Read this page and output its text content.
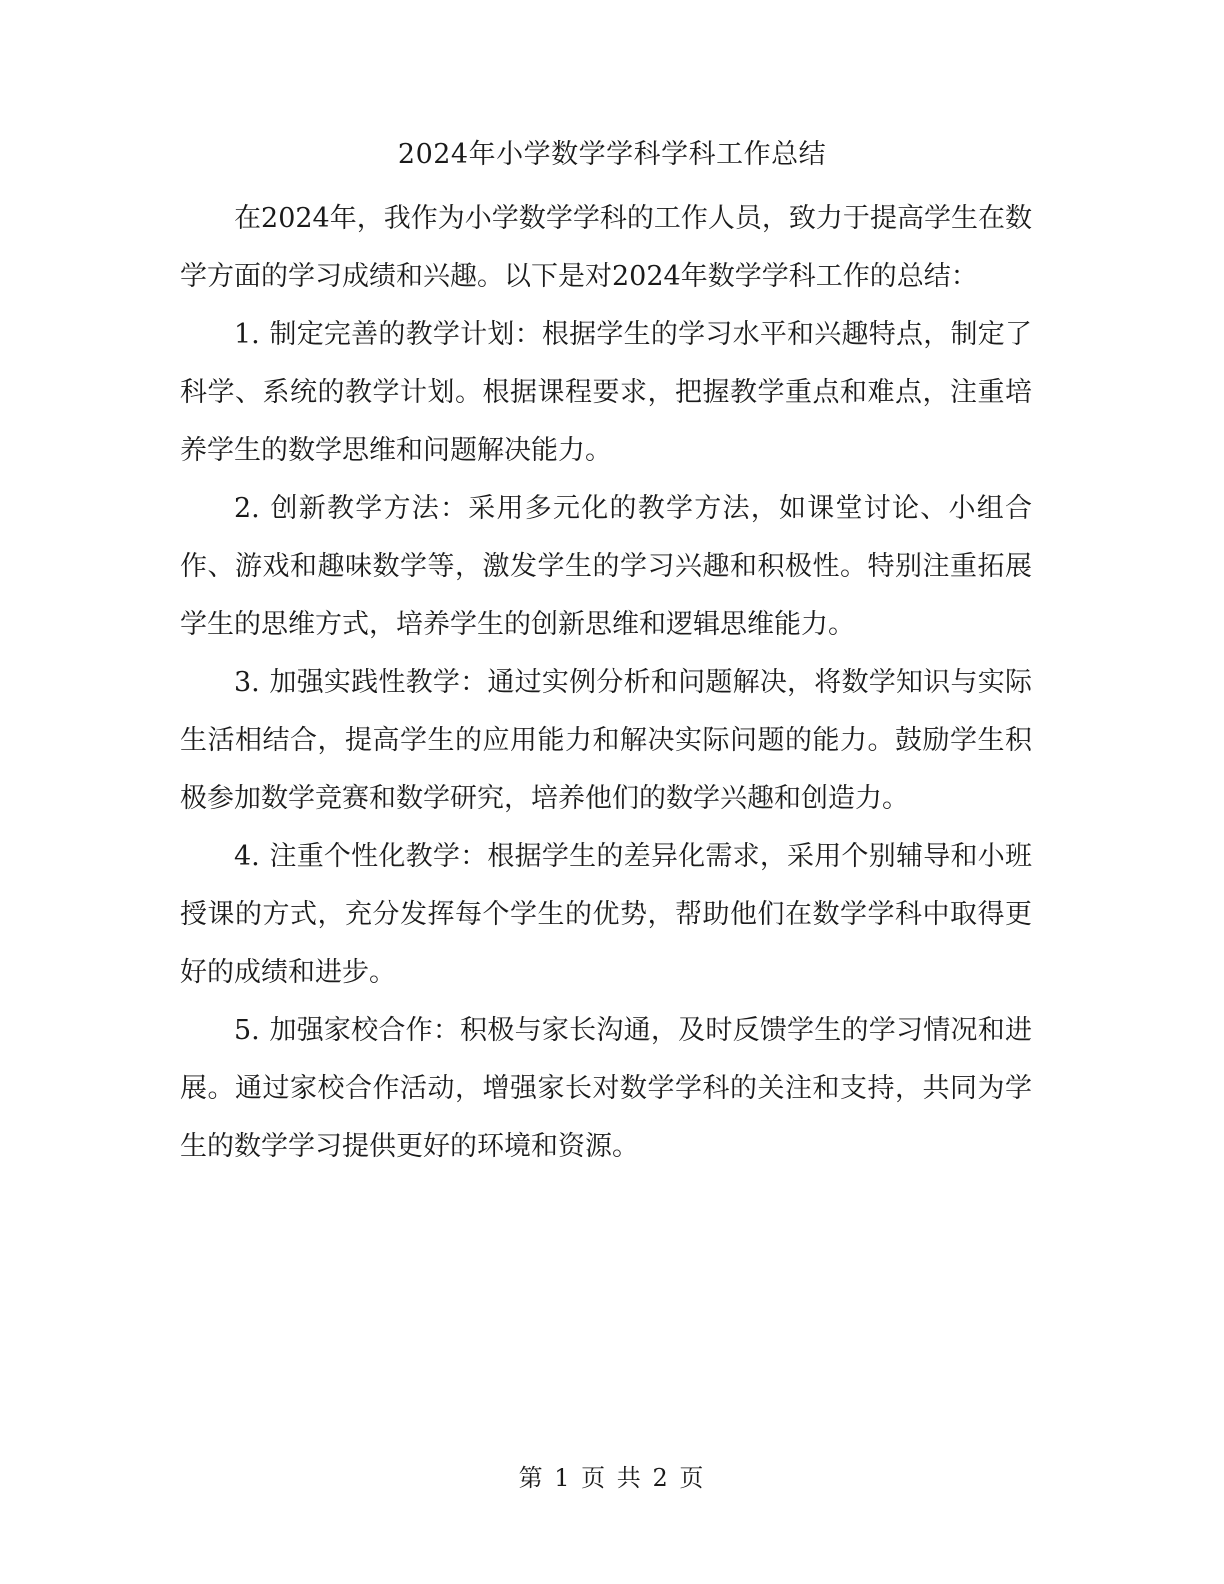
2024年小学数学学科学科工作总结

在2024年，我作为小学数学学科的工作人员，致力于提高学生在数学方面的学习成绩和兴趣。以下是对2024年数学学科工作的总结：

1. 制定完善的教学计划：根据学生的学习水平和兴趣特点，制定了科学、系统的教学计划。根据课程要求，把握教学重点和难点，注重培养学生的数学思维和问题解决能力。

2. 创新教学方法：采用多元化的教学方法，如课堂讨论、小组合作、游戏和趣味数学等，激发学生的学习兴趣和积极性。特别注重拓展学生的思维方式，培养学生的创新思维和逻辑思维能力。

3. 加强实践性教学：通过实例分析和问题解决，将数学知识与实际生活相结合，提高学生的应用能力和解决实际问题的能力。鼓励学生积极参加数学竞赛和数学研究，培养他们的数学兴趣和创造力。

4. 注重个性化教学：根据学生的差异化需求，采用个别辅导和小班授课的方式，充分发挥每个学生的优势，帮助他们在数学学科中取得更好的成绩和进步。

5. 加强家校合作：积极与家长沟通，及时反馈学生的学习情况和进展。通过家校合作活动，增强家长对数学学科的关注和支持，共同为学生的数学学习提供更好的环境和资源。

第 1 页 共 2 页
